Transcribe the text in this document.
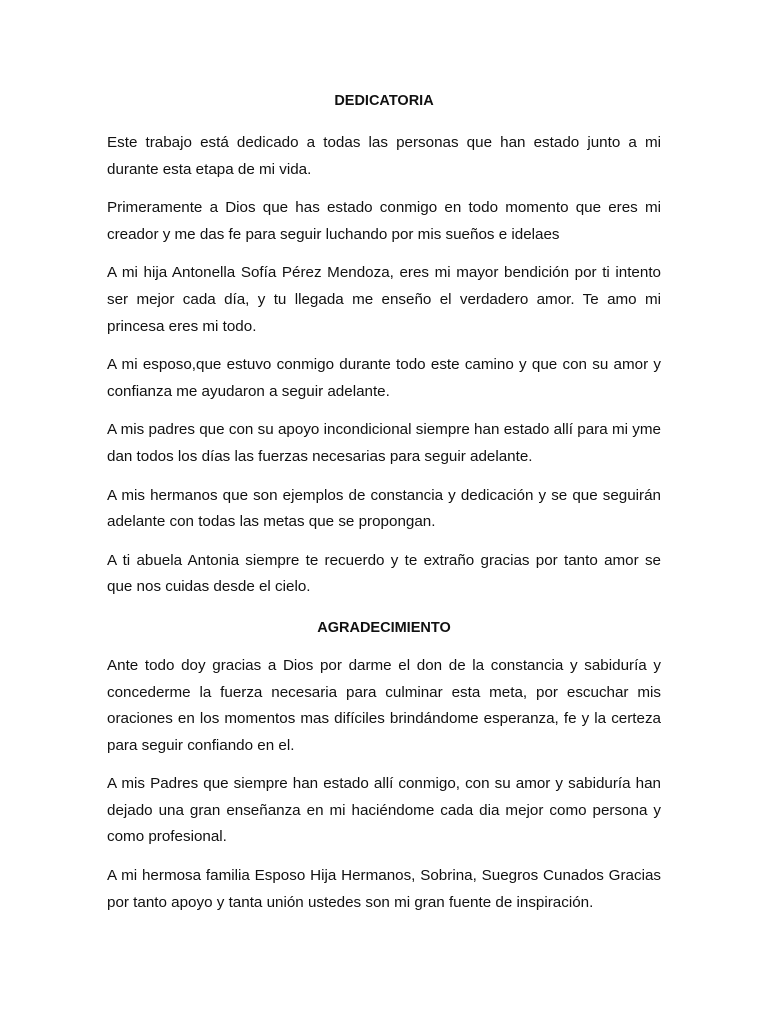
DEDICATORIA

Este trabajo está dedicado a todas las personas que han estado junto a mi durante esta etapa de mi vida.

Primeramente a Dios que has estado conmigo en todo momento que eres mi creador y me das fe para seguir luchando por mis sueños e idelaes

A mi hija Antonella Sofía Pérez Mendoza, eres mi mayor bendición por ti intento ser mejor cada día, y tu llegada me enseño el verdadero amor. Te amo mi princesa eres mi todo.

A mi esposo,que estuvo conmigo durante todo este camino y que con su amor y confianza me ayudaron a seguir adelante.

A mis padres que con su apoyo incondicional siempre han estado allí para mi yme dan todos los días las fuerzas necesarias para seguir adelante.

A mis hermanos que son ejemplos de constancia y dedicación y se que seguirán adelante con todas las metas que se propongan.

A ti abuela Antonia siempre te recuerdo y te extraño gracias por tanto amor se que nos cuidas desde el cielo.

AGRADECIMIENTO

Ante todo doy gracias a Dios por darme el don de la constancia y sabiduría y concederme la fuerza necesaria para culminar esta meta, por escuchar mis oraciones en los momentos mas difíciles brindándome esperanza, fe y la certeza para seguir confiando en el.

A mis Padres que siempre han estado allí conmigo, con su amor y sabiduría han dejado una gran enseñanza en mi haciéndome cada dia mejor como persona y como profesional.

A mi hermosa familia Esposo Hija Hermanos, Sobrina, Suegros Cunados Gracias por tanto apoyo y tanta unión ustedes son mi gran fuente de inspiración.
